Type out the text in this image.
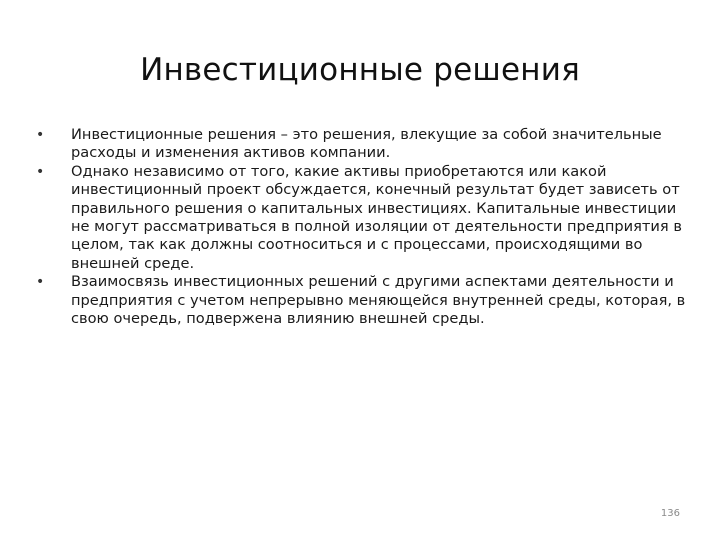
Инвестиционные решения
•	Инвестиционные решения – это решения, влекущие за собой значительные расходы и изменения активов компании.
•	Однако независимо от того, какие активы приобретаются или какой инвестиционный проект обсуждается, конечный результат будет зависеть от правильного решения о капитальных инвестициях. Капитальные инвестиции не могут рассматриваться в полной изоляции от деятельности предприятия в целом, так как должны соотноситься и с процессами, происходящими во внешней среде.
•	Взаимосвязь инвестиционных решений с другими аспектами деятельности и предприятия с учетом непрерывно меняющейся внутренней среды, которая, в свою очередь, подвержена влиянию внешней среды.
136
